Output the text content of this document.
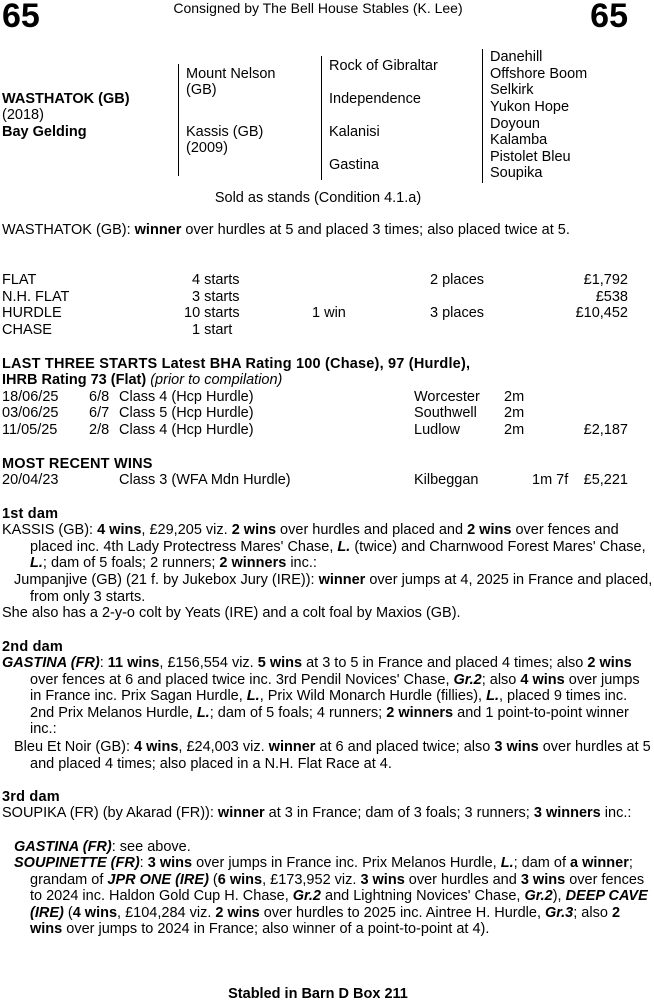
65	Consigned by The Bell House Stables (K. Lee)	65
WASTHATOK (GB)
(2018)
Bay Gelding
Mount Nelson
(GB)
Kassis (GB)
(2009)
Rock of Gibraltar
Independence
Kalanisi
Gastina
Danehill
Offshore Boom
Selkirk
Yukon Hope
Doyoun
Kalamba
Pistolet Bleu
Soupika
Sold as stands (Condition 4.1.a)
WASTHATOK (GB): winner over hurdles at 5 and placed 3 times; also placed twice at 5.
FLAT	4 starts	2 places	£1,792
N.H. FLAT	3 starts	£538
HURDLE	10 starts	1 win	3 places	£10,452
CHASE	1 start
LAST THREE STARTS Latest BHA Rating 100 (Chase), 97 (Hurdle),
IHRB Rating 73 (Flat) (prior to compilation)
18/06/25 6/8 Class 4 (Hcp Hurdle)	Worcester 2m
03/06/25 6/7 Class 5 (Hcp Hurdle)	Southwell 2m
11/05/25 2/8 Class 4 (Hcp Hurdle)	Ludlow	2m	£2,187
MOST RECENT WINS
20/04/23	Class 3 (WFA Mdn Hurdle)	Kilbeggan	1m 7f £5,221
1st dam
KASSIS (GB): 4 wins, £29,205 viz. 2 wins over hurdles and placed and 2 wins over fences and placed inc. 4th Lady Protectress Mares' Chase, L. (twice) and Charnwood Forest Mares' Chase, L.; dam of 5 foals; 2 runners; 2 winners inc.:
Jumpanjive (GB) (21 f. by Jukebox Jury (IRE)): winner over jumps at 4, 2025 in France and placed, from only 3 starts.
She also has a 2-y-o colt by Yeats (IRE) and a colt foal by Maxios (GB).
2nd dam
GASTINA (FR): 11 wins, £156,554 viz. 5 wins at 3 to 5 in France and placed 4 times; also 2 wins over fences at 6 and placed twice inc. 3rd Pendil Novices' Chase, Gr.2; also 4 wins over jumps in France inc. Prix Sagan Hurdle, L., Prix Wild Monarch Hurdle (fillies), L., placed 9 times inc. 2nd Prix Melanos Hurdle, L.; dam of 5 foals; 4 runners; 2 winners and 1 point-to-point winner inc.:
Bleu Et Noir (GB): 4 wins, £24,003 viz. winner at 6 and placed twice; also 3 wins over hurdles at 5 and placed 4 times; also placed in a N.H. Flat Race at 4.
3rd dam
SOUPIKA (FR) (by Akarad (FR)): winner at 3 in France; dam of 3 foals; 3 runners; 3 winners inc.:
GASTINA (FR): see above.
SOUPINETTE (FR): 3 wins over jumps in France inc. Prix Melanos Hurdle, L.; dam of a winner; grandam of JPR ONE (IRE) (6 wins, £173,952 viz. 3 wins over hurdles and 3 wins over fences to 2024 inc. Haldon Gold Cup H. Chase, Gr.2 and Lightning Novices' Chase, Gr.2), DEEP CAVE (IRE) (4 wins, £104,284 viz. 2 wins over hurdles to 2025 inc. Aintree H. Hurdle, Gr.3; also 2 wins over jumps to 2024 in France; also winner of a point-to-point at 4).
Stabled in Barn D Box 211
